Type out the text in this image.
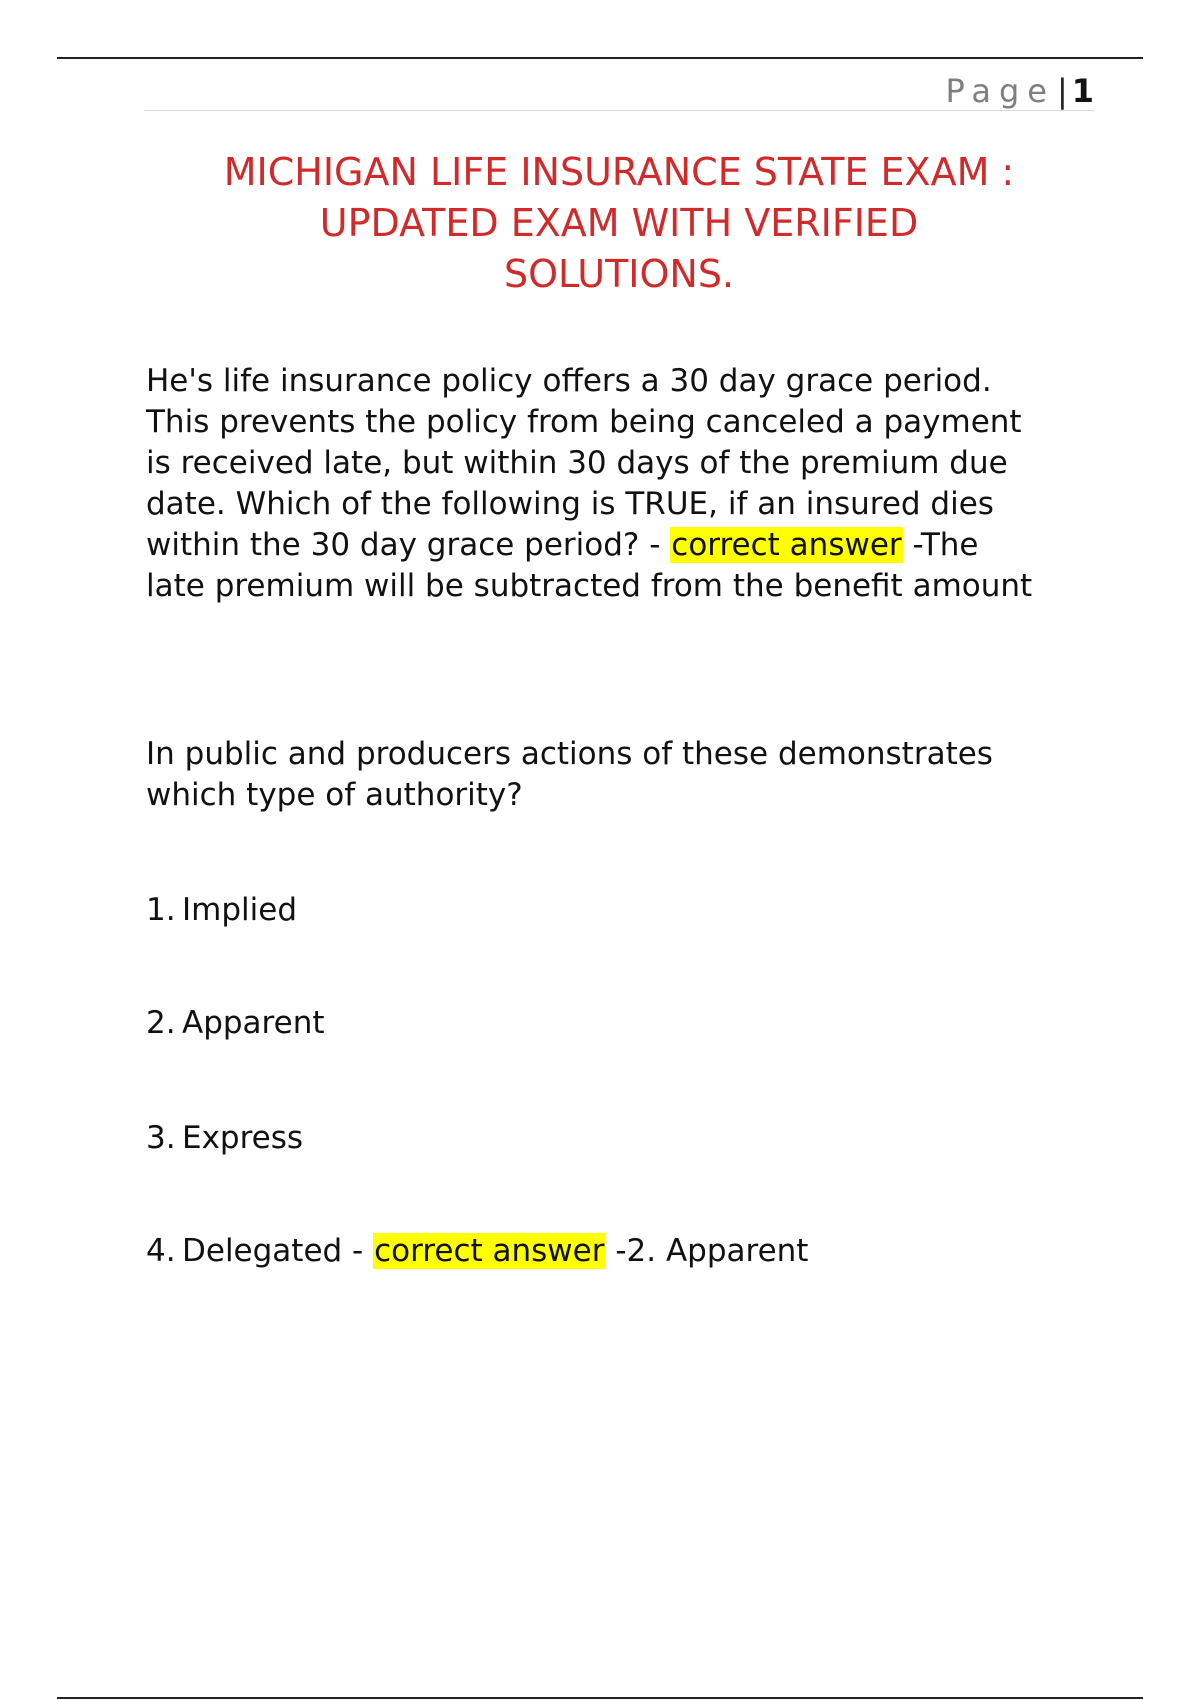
Page| 1
MICHIGAN LIFE INSURANCE STATE EXAM :
UPDATED EXAM WITH VERIFIED
SOLUTIONS.
He's life insurance policy offers a 30 day grace period.
This prevents the policy from being canceled a payment
is received late, but within 30 days of the premium due
date. Which of the following is TRUE, if an insured dies
within the 30 day grace period? - correct answer -The
late premium will be subtracted from the benefit amount
In public and producers actions of these demonstrates
which type of authority?
1. Implied
2. Apparent
3. Express
4. Delegated - correct answer -2. Apparent
